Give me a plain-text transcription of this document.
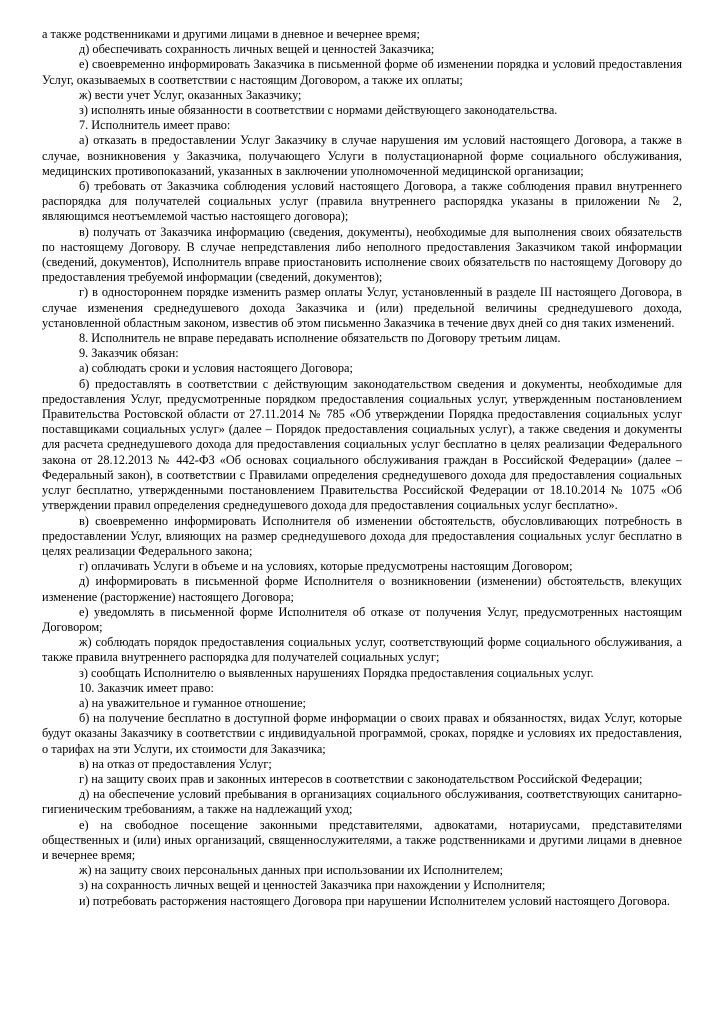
а также родственниками и другими лицами в дневное и вечернее время;

д) обеспечивать сохранность личных вещей и ценностей Заказчика;

е) своевременно информировать Заказчика в письменной форме об изменении порядка и условий предоставления Услуг, оказываемых в соответствии с настоящим Договором, а также их оплаты;

ж) вести учет Услуг, оказанных Заказчику;

з) исполнять иные обязанности в соответствии с нормами действующего законодательства.

7. Исполнитель имеет право:

а) отказать в предоставлении Услуг Заказчику в случае нарушения им условий настоящего Договора, а также в случае, возникновения у Заказчика, получающего Услуги в полустационарной форме социального обслуживания, медицинских противопоказаний, указанных в заключении уполномоченной медицинской организации;

б) требовать от Заказчика соблюдения условий настоящего Договора, а также соблюдения правил внутреннего распорядка для получателей социальных услуг (правила внутреннего распорядка указаны в приложении № 2, являющимся неотъемлемой частью настоящего договора);

в) получать от Заказчика информацию (сведения, документы), необходимые для выполнения своих обязательств по настоящему Договору. В случае непредставления либо неполного предоставления Заказчиком такой информации (сведений, документов), Исполнитель вправе приостановить исполнение своих обязательств по настоящему Договору до предоставления требуемой информации (сведений, документов);

г) в одностороннем порядке изменить размер оплаты Услуг, установленный в разделе III настоящего Договора, в случае изменения среднедушевого дохода Заказчика и (или) предельной величины среднедушевого дохода, установленной областным законом, известив об этом письменно Заказчика в течение двух дней со дня таких изменений.

8. Исполнитель не вправе передавать исполнение обязательств по Договору третьим лицам.

9. Заказчик обязан:

а) соблюдать сроки и условия настоящего Договора;

б) предоставлять в соответствии с действующим законодательством сведения и документы, необходимые для предоставления Услуг, предусмотренные порядком предоставления социальных услуг, утвержденным постановлением Правительства Ростовской области от 27.11.2014 № 785 «Об утверждении Порядка предоставления социальных услуг поставщиками социальных услуг» (далее – Порядок предоставления социальных услуг), а также сведения и документы для расчета среднедушевого дохода для предоставления социальных услуг бесплатно в целях реализации Федерального закона от 28.12.2013 № 442-ФЗ «Об основах социального обслуживания граждан в Российской Федерации» (далее – Федеральный закон), в соответствии с Правилами определения среднедушевого дохода для предоставления социальных услуг бесплатно, утвержденными постановлением Правительства Российской Федерации от 18.10.2014 № 1075 «Об утверждении правил определения среднедушевого дохода для предоставления социальных услуг бесплатно».

в) своевременно информировать Исполнителя об изменении обстоятельств, обусловливающих потребность в предоставлении Услуг, влияющих на размер среднедушевого дохода для предоставления социальных услуг бесплатно в целях реализации Федерального закона;

г) оплачивать Услуги в объеме и на условиях, которые предусмотрены настоящим Договором;

д) информировать в письменной форме Исполнителя о возникновении (изменении) обстоятельств, влекущих изменение (расторжение) настоящего Договора;

е) уведомлять в письменной форме Исполнителя об отказе от получения Услуг, предусмотренных настоящим Договором;

ж) соблюдать порядок предоставления социальных услуг, соответствующий форме социального обслуживания, а также правила внутреннего распорядка для получателей социальных услуг;

з) сообщать Исполнителю о выявленных нарушениях Порядка предоставления социальных услуг.

10. Заказчик имеет право:

а) на уважительное и гуманное отношение;

б) на получение бесплатно в доступной форме информации о своих правах и обязанностях, видах Услуг, которые будут оказаны Заказчику в соответствии с индивидуальной программой, сроках, порядке и условиях их предоставления, о тарифах на эти Услуги, их стоимости для Заказчика;

в) на отказ от предоставления Услуг;

г) на защиту своих прав и законных интересов в соответствии с законодательством Российской Федерации;

д) на обеспечение условий пребывания в организациях социального обслуживания, соответствующих санитарно-гигиеническим требованиям, а также на надлежащий уход;

е) на свободное посещение законными представителями, адвокатами, нотариусами, представителями общественных и (или) иных организаций, священнослужителями, а также родственниками и другими лицами в дневное и вечернее время;

ж) на защиту своих персональных данных при использовании их Исполнителем;

з) на сохранность личных вещей и ценностей Заказчика при нахождении у Исполнителя;

и) потребовать расторжения настоящего Договора при нарушении Исполнителем условий настоящего Договора.
